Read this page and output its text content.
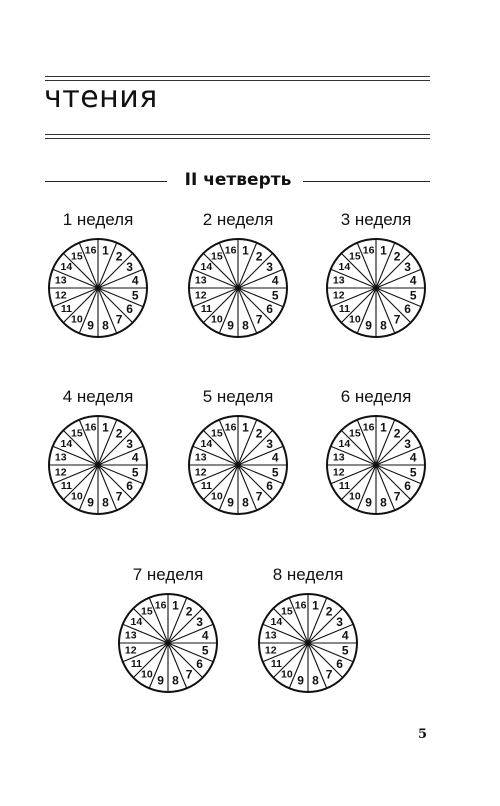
чтения
II четверть
1 неделя
1 2
3
4
5
6
7
8
9
10
11
12
13
14
15 16
2 неделя
1 2
3
4
5
6
7
8
9
10
11
12
13
14
15 16
3 неделя
1 2
3
4
5
6
7
8
9
10
11
12
13
14
15 16
4 неделя
1 2
3
4
5
6
7
8
9
10
11
12
13
14
15 16
5 неделя
1 2
3
4
5
6
7
8
9
10
11
12
13
14
15 16
6 неделя
1 2
3
4
5
6
7
8
9
10
11
12
13
14
15 16
7 неделя
1 2
3
4
5
6
7
8
9
10
11
12
13
14
15 16
8 неделя
1 2
3
4
5
6
7
8
9
10
11
12
13
14
15 16
5
